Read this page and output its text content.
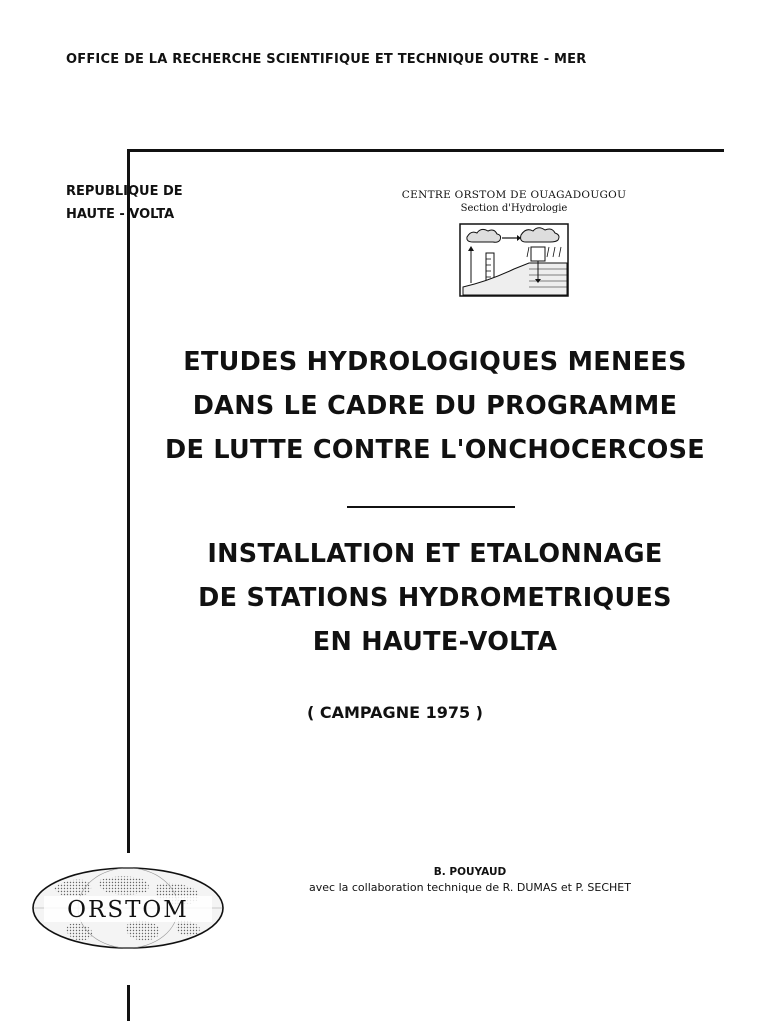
OFFICE DE LA RECHERCHE SCIENTIFIQUE ET TECHNIQUE OUTRE - MER
REPUBLIQUE DE
HAUTE - VOLTA
CENTRE ORSTOM DE OUAGADOUGOU
Section d'Hydrologie
ETUDES HYDROLOGIQUES MENEES
DANS LE CADRE DU PROGRAMME
DE LUTTE CONTRE L'ONCHOCERCOSE
INSTALLATION ET ETALONNAGE
DE STATIONS HYDROMETRIQUES
EN HAUTE-VOLTA
( CAMPAGNE 1975 )
B. POUYAUD
avec la collaboration technique de R. DUMAS et P. SECHET
ORSTOM
